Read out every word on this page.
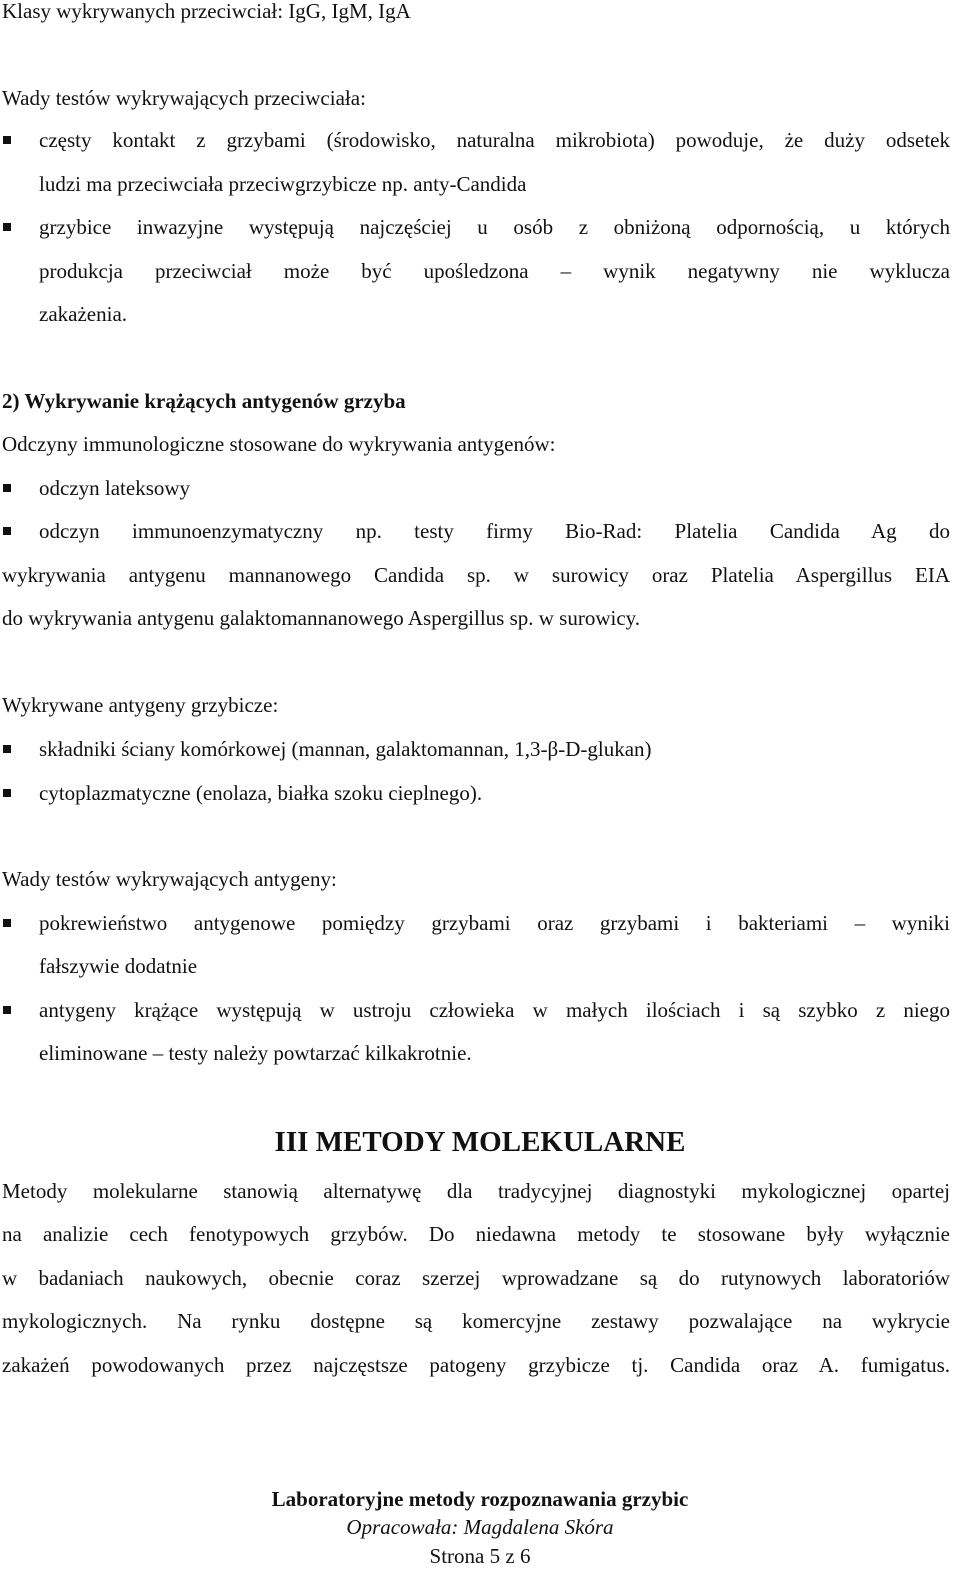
Klasy wykrywanych przeciwciał: IgG, IgM, IgA
Wady testów wykrywających przeciwciała:
częsty kontakt z grzybami (środowisko, naturalna mikrobiota) powoduje, że duży odsetek
ludzi ma przeciwciała przeciwgrzybicze np. anty-Candida
grzybice inwazyjne występują najczęściej u osób z obniżoną odpornością, u których
produkcja przeciwciał może być upośledzona – wynik negatywny nie wyklucza
zakażenia.
2) Wykrywanie krążących antygenów grzyba
Odczyny immunologiczne stosowane do wykrywania antygenów:
odczyn lateksowy
odczyn immunoenzymatyczny np. testy firmy Bio-Rad: Platelia Candida Ag do
wykrywania antygenu mannanowego Candida sp. w surowicy oraz Platelia Aspergillus EIA
do wykrywania antygenu galaktomannanowego Aspergillus sp. w surowicy.
Wykrywane antygeny grzybicze:
składniki ściany komórkowej (mannan, galaktomannan, 1,3-β-D-glukan)
cytoplazmatyczne (enolaza, białka szoku cieplnego).
Wady testów wykrywających antygeny:
pokrewieństwo antygenowe pomiędzy grzybami oraz grzybami i bakteriami – wyniki
fałszywie dodatnie
antygeny krążące występują w ustroju człowieka w małych ilościach i są szybko z niego
eliminowane – testy należy powtarzać kilkakrotnie.
III METODY MOLEKULARNE
Metody molekularne stanowią alternatywę dla tradycyjnej diagnostyki mykologicznej opartej
na analizie cech fenotypowych grzybów. Do niedawna metody te stosowane były wyłącznie
w badaniach naukowych, obecnie coraz szerzej wprowadzane są do rutynowych laboratoriów
mykologicznych. Na rynku dostępne są komercyjne zestawy pozwalające na wykrycie
zakażeń powodowanych przez najczęstsze patogeny grzybicze tj. Candida oraz A. fumigatus.
Laboratoryjne metody rozpoznawania grzybic
Opracowała: Magdalena Skóra
Strona 5 z 6
